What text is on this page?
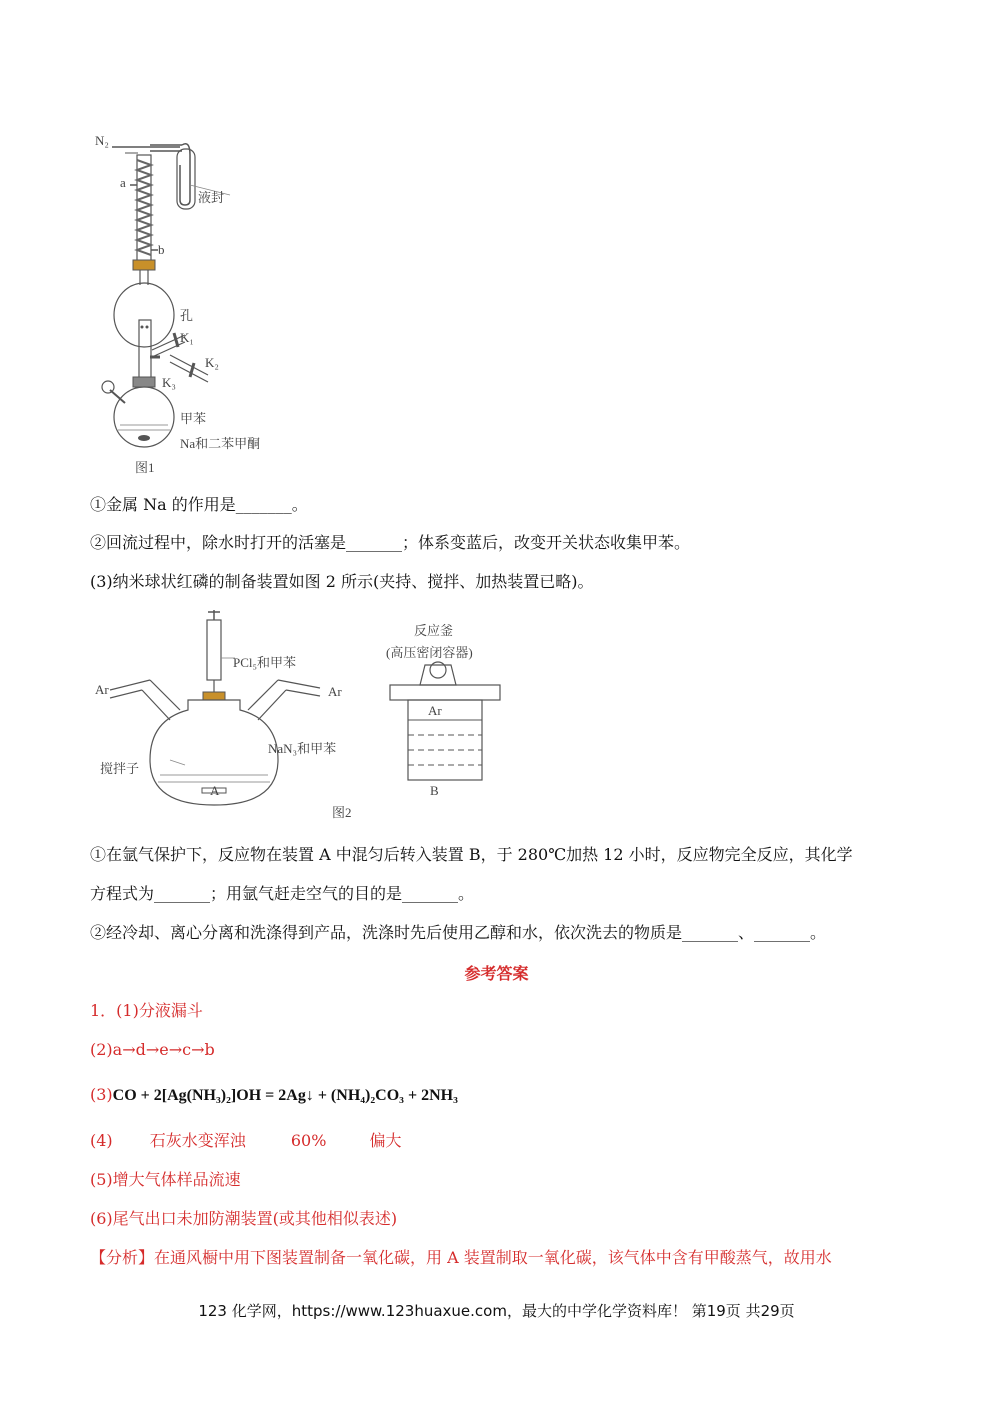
N₂
a
液封
b
孔
K₁
K₂
K₃
甲苯
Na和二苯甲酮
图1
①金属 Na 的作用是_______。
②回流过程中，除水时打开的活塞是_______；体系变蓝后，改变开关状态收集甲苯。
(3)纳米球状红磷的制备装置如图 2 所示(夹持、搅拌、加热装置已略)。
PCl₅和甲苯
Ar	Ar
NaN₃和甲苯
搅拌子
A
反应釜
(高压密闭容器)
Ar
B
图2
①在氩气保护下，反应物在装置 A 中混匀后转入装置 B，于 280℃加热 12 小时，反应物完全反应，其化学
方程式为_______；用氩气赶走空气的目的是_______。
②经冷却、离心分离和洗涤得到产品，洗涤时先后使用乙醇和水，依次洗去的物质是_______、_______。
参考答案
1．(1)分液漏斗
(2)a→d→e→c→b
(3)CO + 2[Ag(NH₃)₂]OH = 2Ag↓ + (NH₄)₂CO₃ + 2NH₃
(4) 石灰水变浑浊	60%	偏大
(5)增大气体样品流速
(6)尾气出口未加防潮装置(或其他相似表述)
【分析】在通风橱中用下图装置制备一氧化碳，用 A 装置制取一氧化碳，该气体中含有甲酸蒸气，故用水
123 化学网，https://www.123huaxue.com，最大的中学化学资料库！ 第19页 共29页
